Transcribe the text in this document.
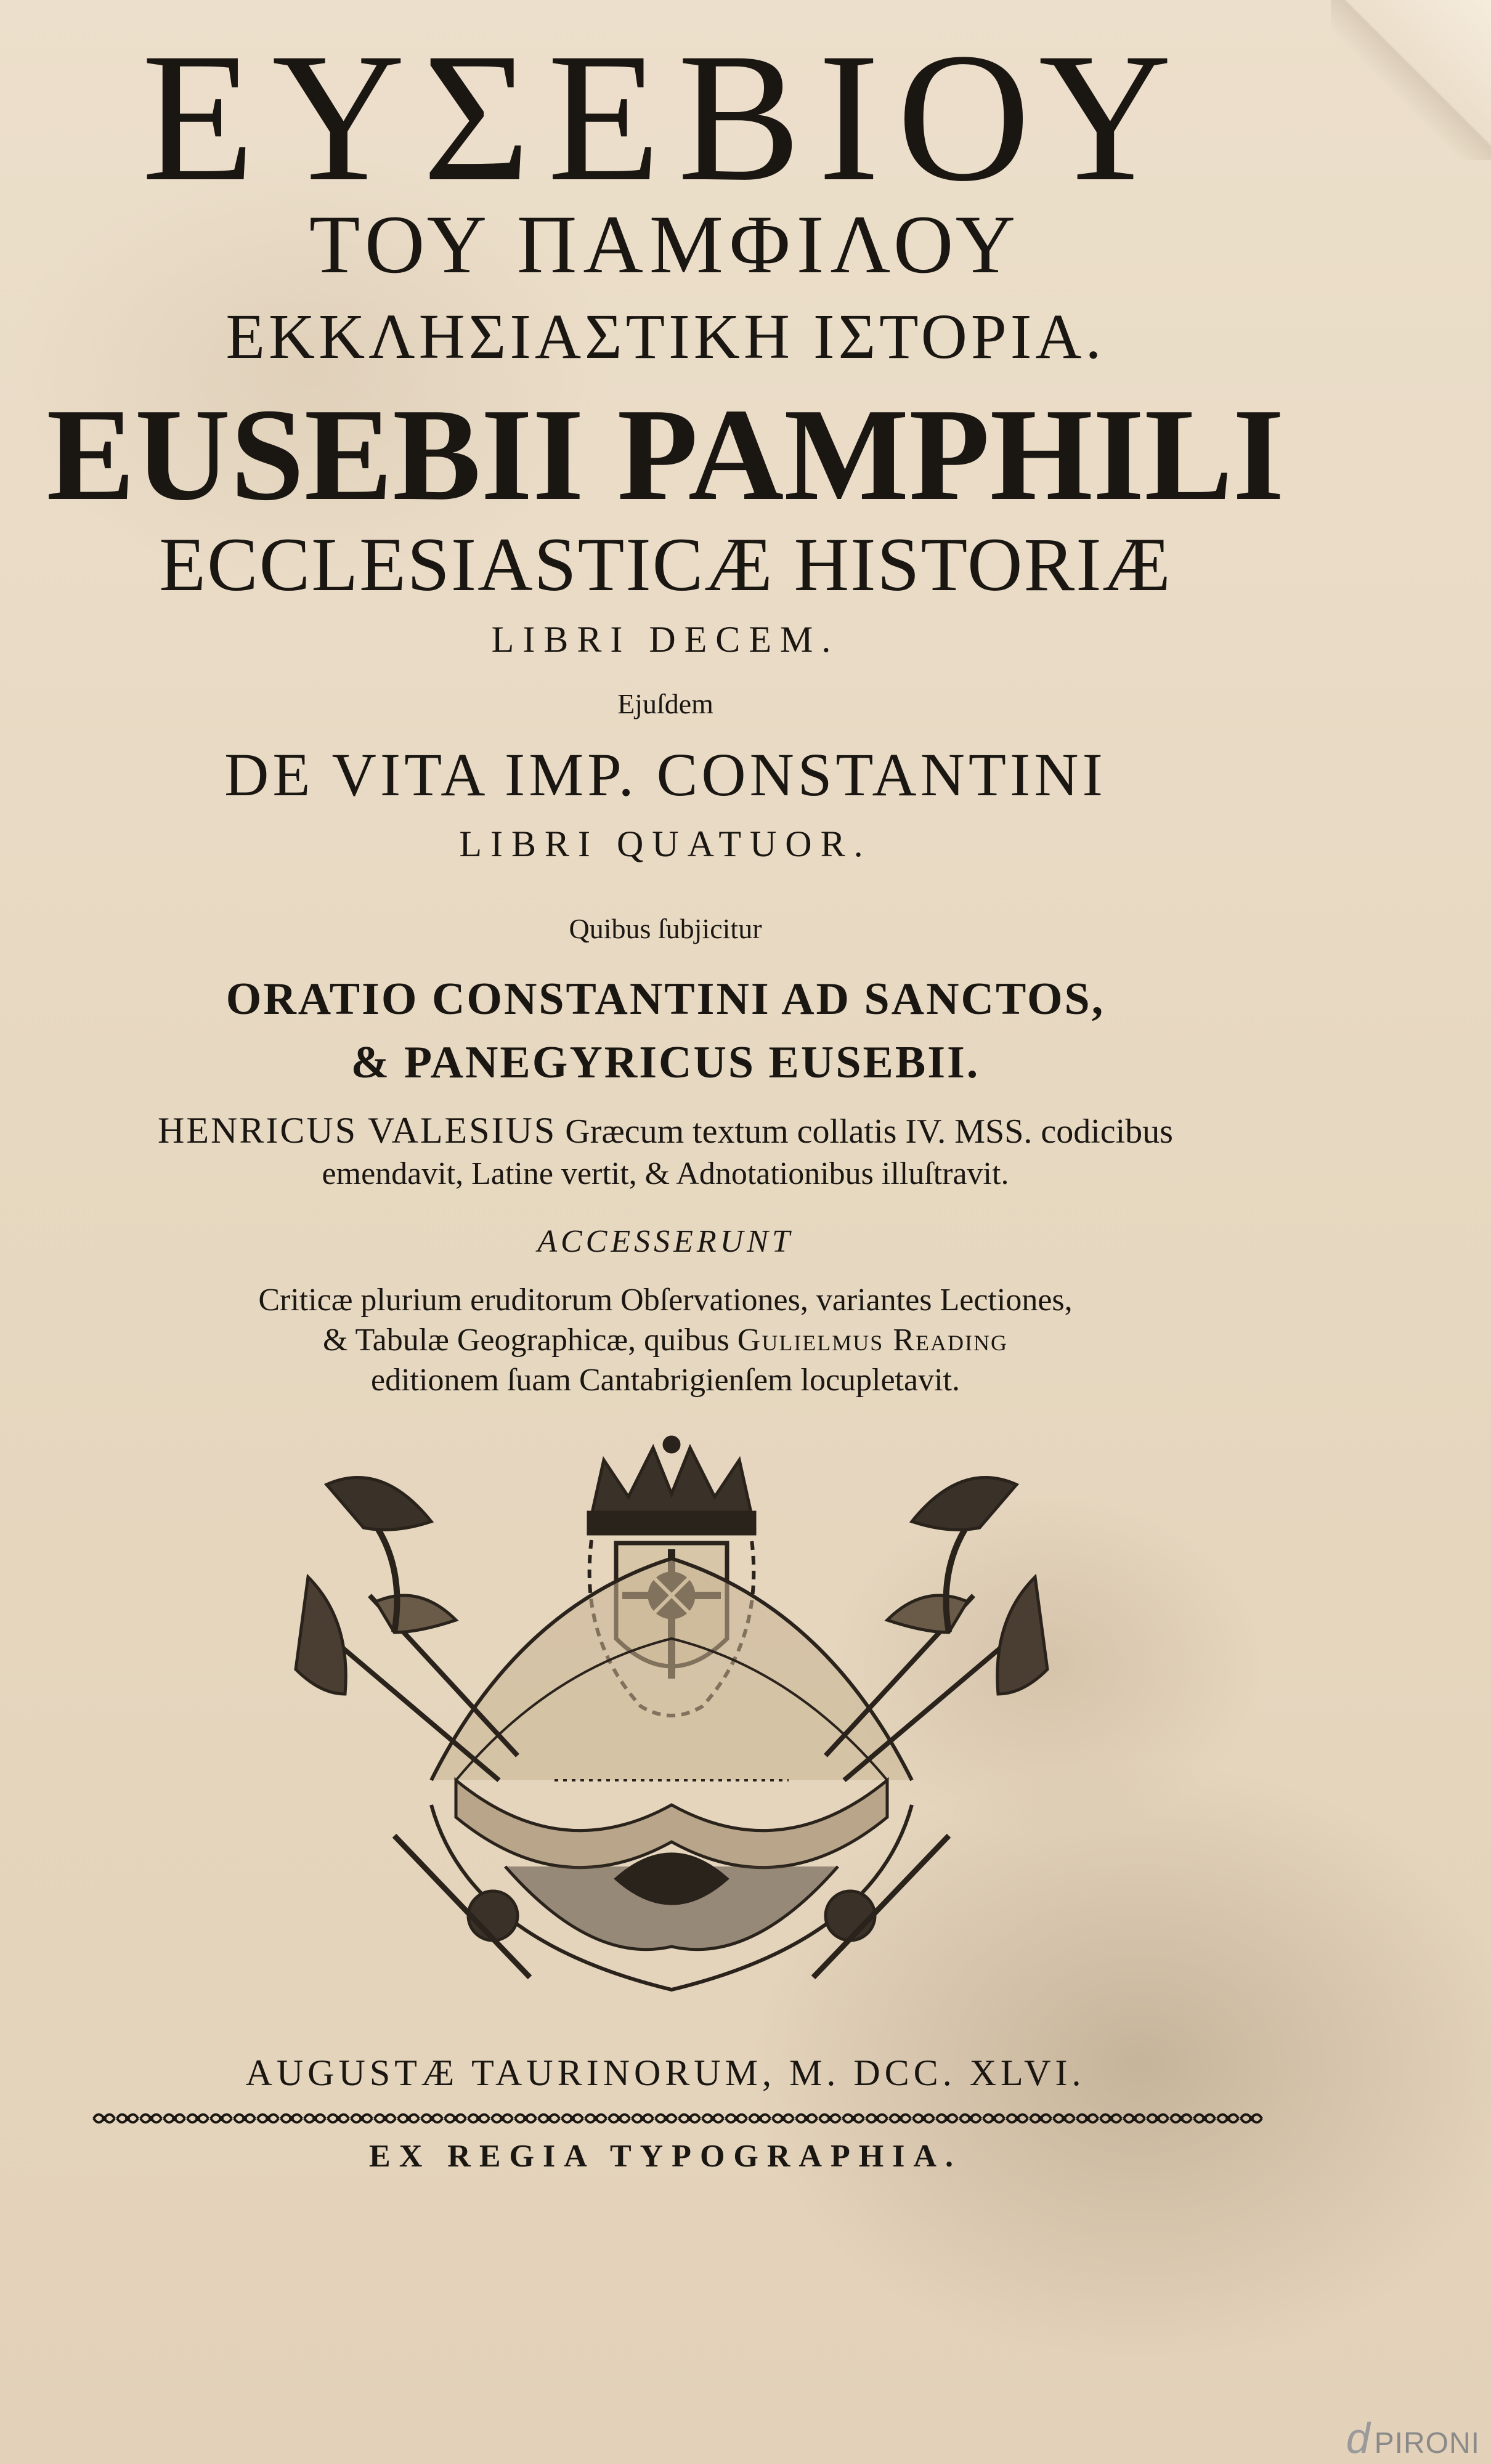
ΕΥΣΕΒΙΟΥ

ΤΟΥ ΠΑΜΦΙΛΟΥ

ΕΚΚΛΗΣΙΑΣΤΙΚΗ ΙΣΤΟΡΙΑ.

EUSEBII PAMPHILI

ECCLESIASTICÆ HISTORIÆ

LIBRI DECEM.

Ejuſdem

DE VITA IMP. CONSTANTINI

LIBRI QUATUOR.

Quibus ſubjicitur

ORATIO CONSTANTINI AD SANCTOS,

& PANEGYRICUS EUSEBII.

HENRICUS VALESIUS Græcum textum collatis IV. MSS. codicibus

emendavit, Latine vertit, & Adnotationibus illuſtravit.

ACCESSERUNT

Criticæ plurium eruditorum Obſervationes, variantes Lectiones,

& Tabulæ Geographicæ, quibus Gulielmus Reading

editionem ſuam Cantabrigienſem locupletavit.

AUGUSTÆ TAURINORUM, M. DCC. XLVI.

EX REGIA TYPOGRAPHIA.

d PIRONI
